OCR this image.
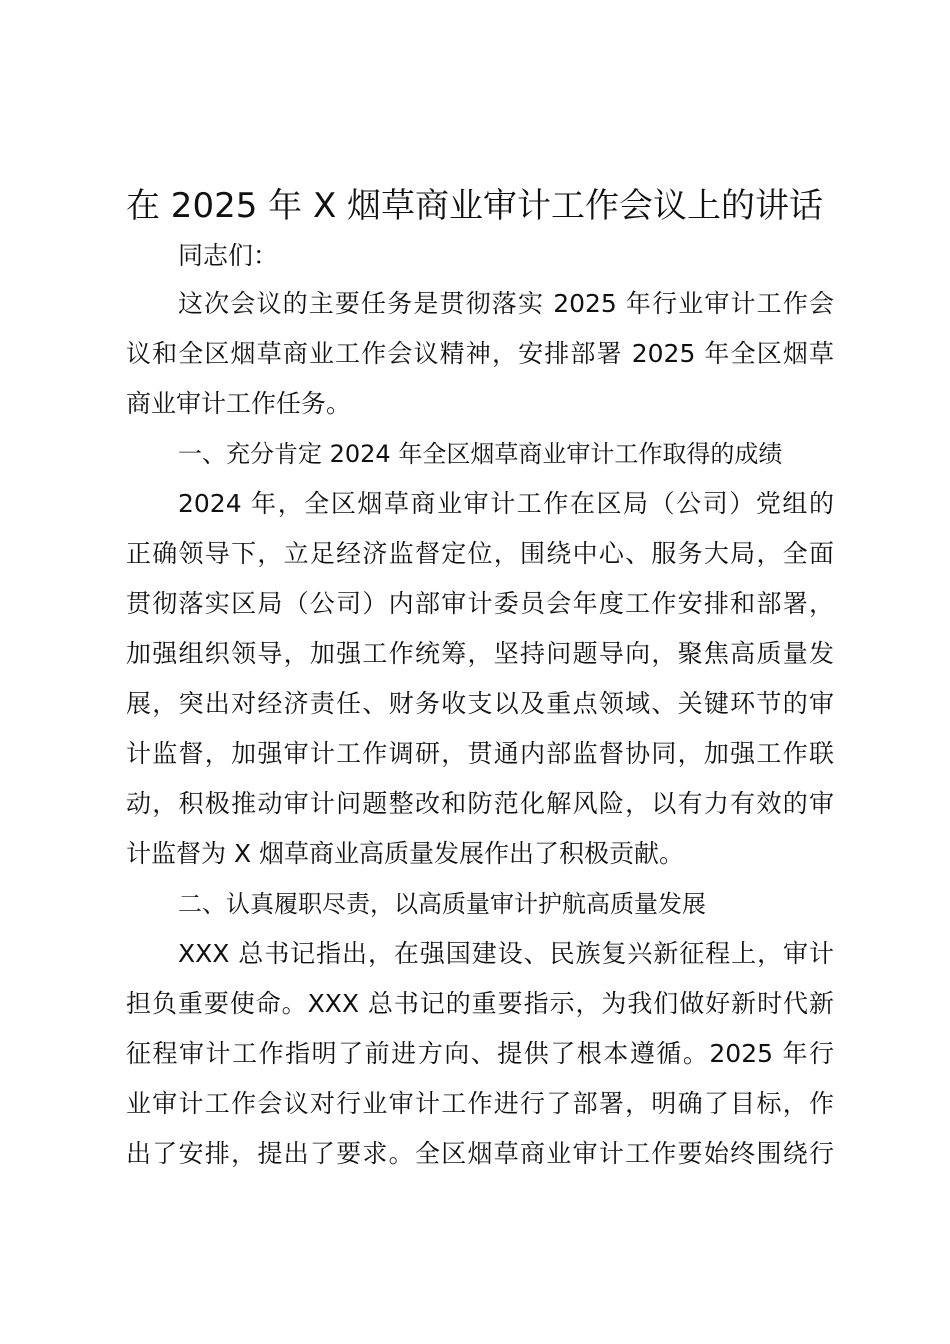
在 2025 年 X 烟草商业审计工作会议上的讲话

同志们：

这次会议的主要任务是贯彻落实 2025 年行业审计工作会

议和全区烟草商业工作会议精神，安排部署 2025 年全区烟草

商业审计工作任务。

一、充分肯定 2024 年全区烟草商业审计工作取得的成绩

2024 年，全区烟草商业审计工作在区局（公司）党组的

正确领导下，立足经济监督定位，围绕中心、服务大局，全面

贯彻落实区局（公司）内部审计委员会年度工作安排和部署，

加强组织领导，加强工作统筹，坚持问题导向，聚焦高质量发

展，突出对经济责任、财务收支以及重点领域、关键环节的审

计监督，加强审计工作调研，贯通内部监督协同，加强工作联

动，积极推动审计问题整改和防范化解风险，以有力有效的审

计监督为 X 烟草商业高质量发展作出了积极贡献。

二、认真履职尽责，以高质量审计护航高质量发展

XXX 总书记指出，在强国建设、民族复兴新征程上，审计

担负重要使命。XXX 总书记的重要指示，为我们做好新时代新

征程审计工作指明了前进方向、提供了根本遵循。2025 年行

业审计工作会议对行业审计工作进行了部署，明确了目标，作

出了安排，提出了要求。全区烟草商业审计工作要始终围绕行
